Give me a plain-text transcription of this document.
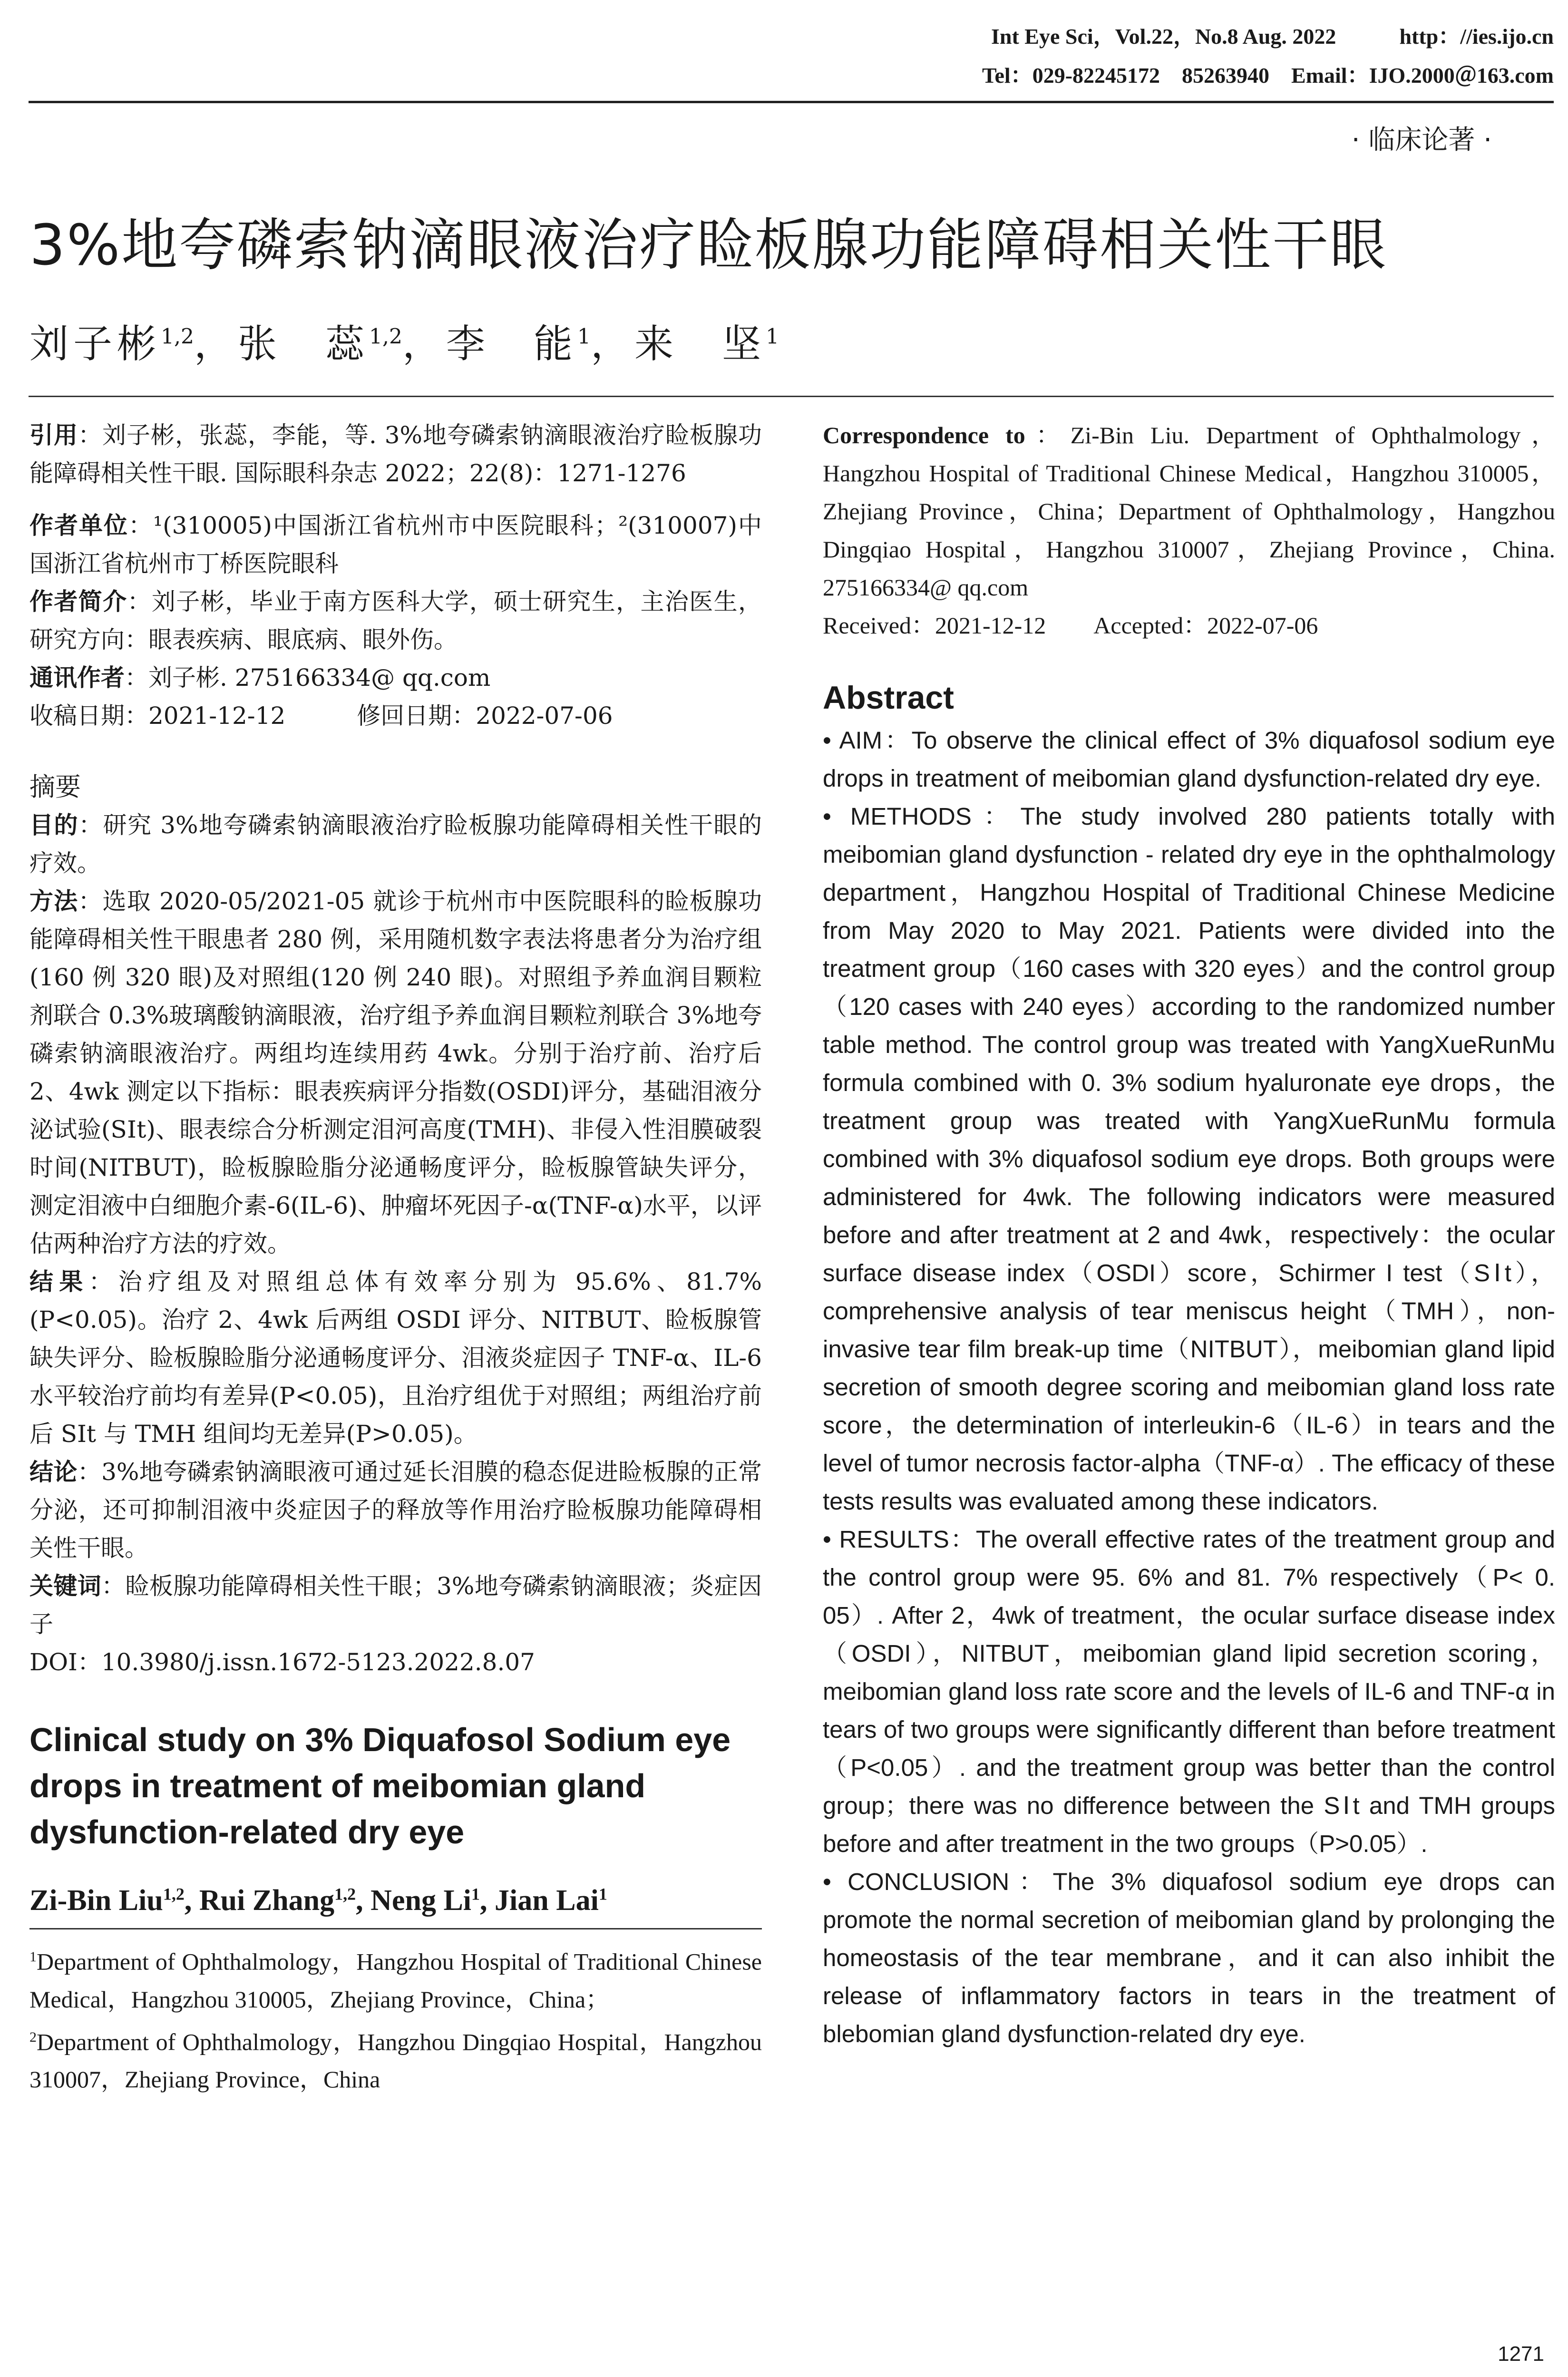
Int Eye Sci，Vol.22，No.8 Aug. 2022	http：//ies.ijo.cn
Tel：029-82245172　85263940　Email：IJO.2000＠163.com
· 临床论著 ·
3%地夸磷索钠滴眼液治疗睑板腺功能障碍相关性干眼
刘子彬$^{1,2}$，张　蕊$^{1,2}$，李　能$^1$，来　坚$^1$

引用：刘子彬，张蕊，李能，等. 3%地夸磷索钠滴眼液治疗睑板腺功能障碍相关性干眼. 国际眼科杂志 2022；22(8)：1271-1276

作者单位：¹(310005)中国浙江省杭州市中医院眼科；²(310007)中国浙江省杭州市丁桥医院眼科

作者简介：刘子彬，毕业于南方医科大学，硕士研究生，主治医生，研究方向：眼表疾病、眼底病、眼外伤。

通讯作者：刘子彬. 275166334@ qq.com

收稿日期：2021-12-12　　　修回日期：2022-07-06

摘要

目的：研究 3%地夸磷索钠滴眼液治疗睑板腺功能障碍相关性干眼的疗效。

方法：选取 2020-05/2021-05 就诊于杭州市中医院眼科的睑板腺功能障碍相关性干眼患者 280 例，采用随机数字表法将患者分为治疗组(160 例 320 眼)及对照组(120 例 240 眼)。对照组予养血润目颗粒剂联合 0.3%玻璃酸钠滴眼液，治疗组予养血润目颗粒剂联合 3%地夸磷索钠滴眼液治疗。两组均连续用药 4wk。分别于治疗前、治疗后 2、4wk 测定以下指标：眼表疾病评分指数(OSDI)评分，基础泪液分泌试验(SⅠt)、眼表综合分析测定泪河高度(TMH)、非侵入性泪膜破裂时间(NITBUT)，睑板腺睑脂分泌通畅度评分，睑板腺管缺失评分，测定泪液中白细胞介素-6(IL-6)、肿瘤坏死因子-α(TNF-α)水平，以评估两种治疗方法的疗效。

结果：治疗组及对照组总体有效率分别为 95.6%、81.7%(P<0.05)。治疗 2、4wk 后两组 OSDI 评分、NITBUT、睑板腺管缺失评分、睑板腺睑脂分泌通畅度评分、泪液炎症因子 TNF-α、IL-6 水平较治疗前均有差异(P<0.05)，且治疗组优于对照组；两组治疗前后 SⅠt 与 TMH 组间均无差异(P>0.05)。

结论：3%地夸磷索钠滴眼液可通过延长泪膜的稳态促进睑板腺的正常分泌，还可抑制泪液中炎症因子的释放等作用治疗睑板腺功能障碍相关性干眼。

关键词：睑板腺功能障碍相关性干眼；3%地夸磷索钠滴眼液；炎症因子

DOI：10.3980/j.issn.1672-5123.2022.8.07

Clinical study on 3% Diquafosol Sodium eye drops in treatment of meibomian gland dysfunction-related dry eye

Zi-Bin Liu$^{1,2}$, Rui Zhang$^{1,2}$, Neng Li$^1$, Jian Lai$^1$

$^1$Department of Ophthalmology，Hangzhou Hospital of Traditional Chinese Medical，Hangzhou 310005，Zhejiang Province，China；
$^2$Department of Ophthalmology，Hangzhou Dingqiao Hospital，Hangzhou 310007，Zhejiang Province，China

Correspondence to：Zi-Bin Liu. Department of Ophthalmology，Hangzhou Hospital of Traditional Chinese Medical，Hangzhou 310005，Zhejiang Province，China；Department of Ophthalmology，Hangzhou Dingqiao Hospital，Hangzhou 310007，Zhejiang Province，China. 275166334@ qq.com

Received：2021-12-12　　Accepted：2022-07-06

Abstract

• AIM：To observe the clinical effect of 3% diquafosol sodium eye drops in treatment of meibomian gland dysfunction-related dry eye.

• METHODS：The study involved 280 patients totally with meibomian gland dysfunction - related dry eye in the ophthalmology department，Hangzhou Hospital of Traditional Chinese Medicine from May 2020 to May 2021. Patients were divided into the treatment group（160 cases with 320 eyes）and the control group（120 cases with 240 eyes）according to the randomized number table method. The control group was treated with YangXueRunMu formula combined with 0. 3% sodium hyaluronate eye drops，the treatment group was treated with YangXueRunMu formula combined with 3% diquafosol sodium eye drops. Both groups were administered for 4wk. The following indicators were measured before and after treatment at 2 and 4wk，respectively：the ocular surface disease index（OSDI）score，Schirmer I test（SⅠt），comprehensive analysis of tear meniscus height（TMH），non-invasive tear film break-up time（NITBUT），meibomian gland lipid secretion of smooth degree scoring and meibomian gland loss rate score，the determination of interleukin-6（IL-6）in tears and the level of tumor necrosis factor-alpha（TNF-α）. The efficacy of these tests results was evaluated among these indicators.

• RESULTS：The overall effective rates of the treatment group and the control group were 95. 6% and 81. 7% respectively（P< 0. 05）. After 2，4wk of treatment，the ocular surface disease index（OSDI），NITBUT，meibomian gland lipid secretion scoring，meibomian gland loss rate score and the levels of IL-6 and TNF-α in tears of two groups were significantly different than before treatment（P<0.05）. and the treatment group was better than the control group；there was no difference between the SⅠt and TMH groups before and after treatment in the two groups（P>0.05）.

• CONCLUSION：The 3% diquafosol sodium eye drops can promote the normal secretion of meibomian gland by prolonging the homeostasis of the tear membrane，and it can also inhibit the release of inflammatory factors in tears in the treatment of blebomian gland dysfunction-related dry eye.

1271
